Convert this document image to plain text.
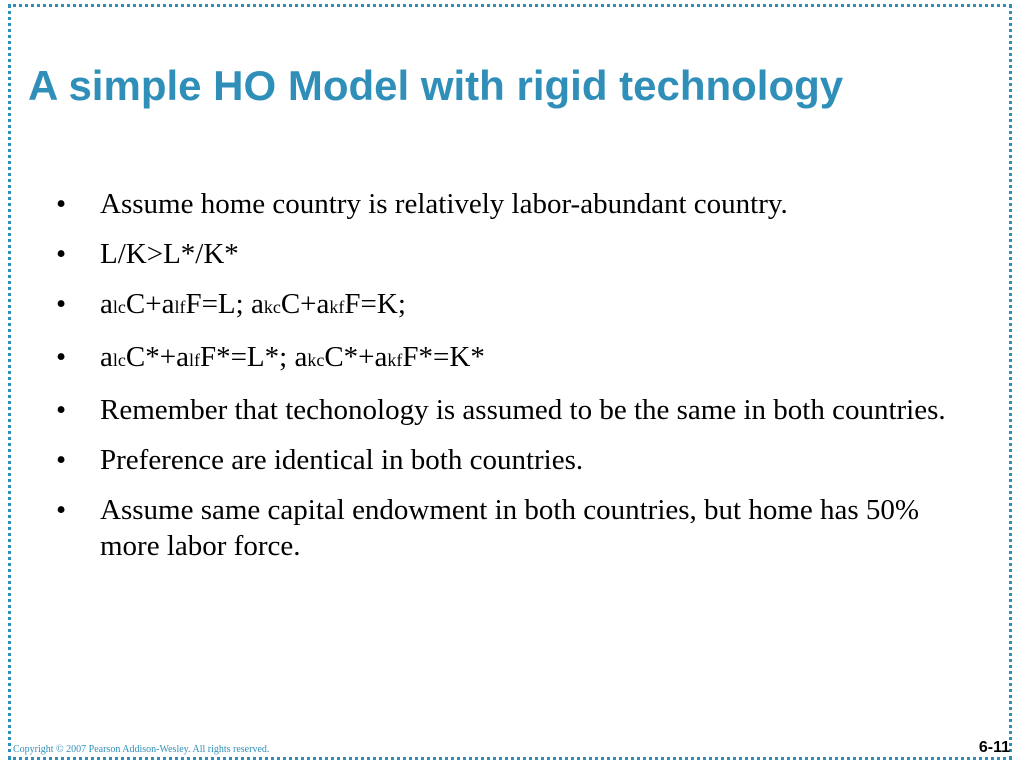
A simple HO Model with rigid technology
•	Assume home country is relatively labor-abundant country.
•	L/K>L*/K*
•	alcC+alfF=L; akcC+akfF=K;
•	alcC*+alfF*=L*; akcC*+akfF*=K*
•	Remember that techonology is assumed to be the same in both countries.
•	Preference are identical in both countries.
•	Assume same capital endowment in both countries, but home has 50% more labor force.
Copyright © 2007 Pearson Addison-Wesley. All rights reserved.	6-11
